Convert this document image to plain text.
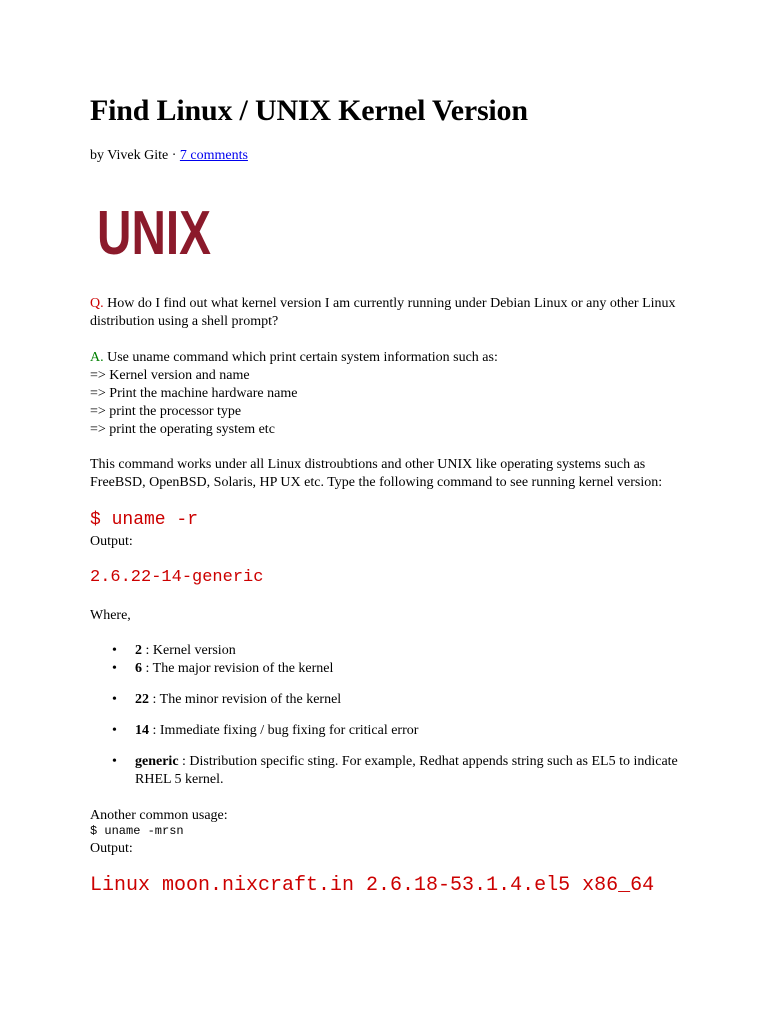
Find Linux / UNIX Kernel Version
by Vivek Gite · 7 comments
UNIX
Q. How do I find out what kernel version I am currently running under Debian Linux or any other Linux distribution using a shell prompt?
A. Use uname command which print certain system information such as:
=> Kernel version and name
=> Print the machine hardware name
=> print the processor type
=> print the operating system etc
This command works under all Linux distroubtions and other UNIX like operating systems such as FreeBSD, OpenBSD, Solaris, HP UX etc. Type the following command to see running kernel version:
$ uname -r
Output:
2.6.22-14-generic
Where,
• 2 : Kernel version
• 6 : The major revision of the kernel
• 22 : The minor revision of the kernel
• 14 : Immediate fixing / bug fixing for critical error
• generic : Distribution specific sting. For example, Redhat appends string such as EL5 to indicate RHEL 5 kernel.
Another common usage:
$ uname -mrsn
Output:
Linux moon.nixcraft.in 2.6.18-53.1.4.el5 x86_64
